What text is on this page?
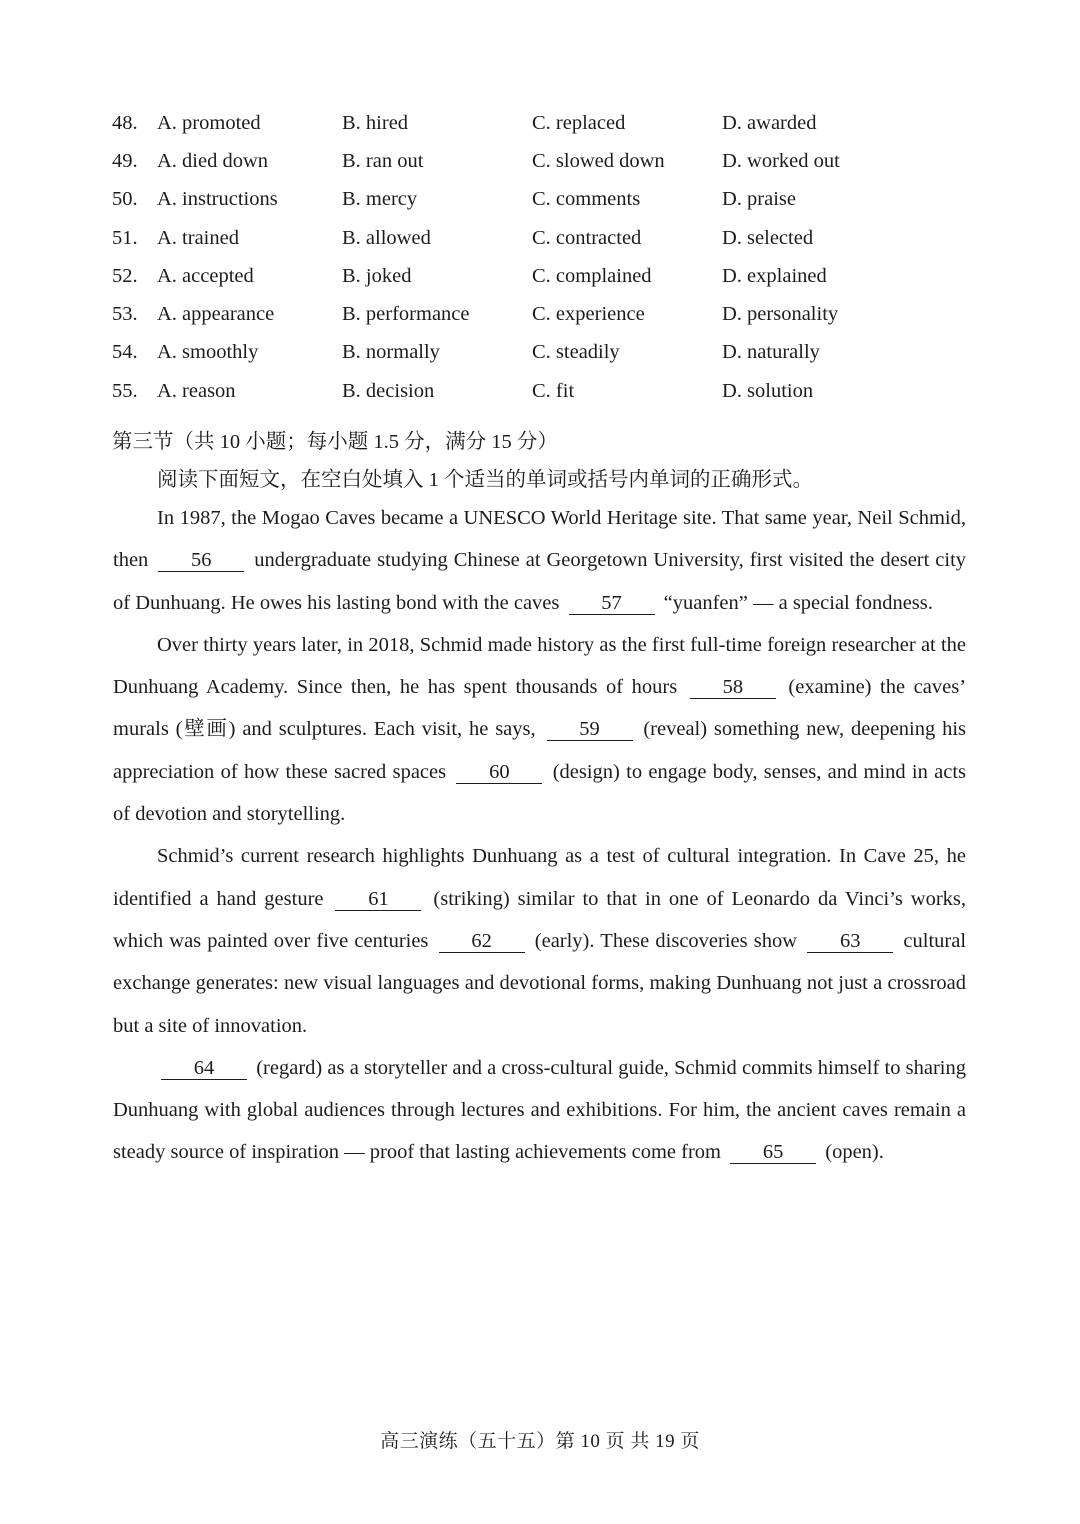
48. A. promoted	B. hired	C. replaced	D. awarded
49. A. died down	B. ran out	C. slowed down	D. worked out
50. A. instructions	B. mercy	C. comments	D. praise
51. A. trained	B. allowed	C. contracted	D. selected
52. A. accepted	B. joked	C. complained	D. explained
53. A. appearance	B. performance	C. experience	D. personality
54. A. smoothly	B. normally	C. steadily	D. naturally
55. A. reason	B. decision	C. fit	D. solution
第三节（共 10 小题；每小题 1.5 分，满分 15 分）
阅读下面短文，在空白处填入 1 个适当的单词或括号内单词的正确形式。

In 1987, the Mogao Caves became a UNESCO World Heritage site. That same year, Neil Schmid, then 56 undergraduate studying Chinese at Georgetown University, first visited the desert city of Dunhuang. He owes his lasting bond with the caves 57 “yuanfen” — a special fondness.

Over thirty years later, in 2018, Schmid made history as the first full-time foreign researcher at the Dunhuang Academy. Since then, he has spent thousands of hours 58 (examine) the caves’ murals (壁画) and sculptures. Each visit, he says, 59 (reveal) something new, deepening his appreciation of how these sacred spaces 60 (design) to engage body, senses, and mind in acts of devotion and storytelling.

Schmid’s current research highlights Dunhuang as a test of cultural integration. In Cave 25, he identified a hand gesture 61 (striking) similar to that in one of Leonardo da Vinci’s works, which was painted over five centuries 62 (early). These discoveries show 63 cultural exchange generates: new visual languages and devotional forms, making Dunhuang not just a crossroad but a site of innovation.

64 (regard) as a storyteller and a cross-cultural guide, Schmid commits himself to sharing Dunhuang with global audiences through lectures and exhibitions. For him, the ancient caves remain a steady source of inspiration — proof that lasting achievements come from 65 (open).

高三演练（五十五）第 10 页 共 19 页
